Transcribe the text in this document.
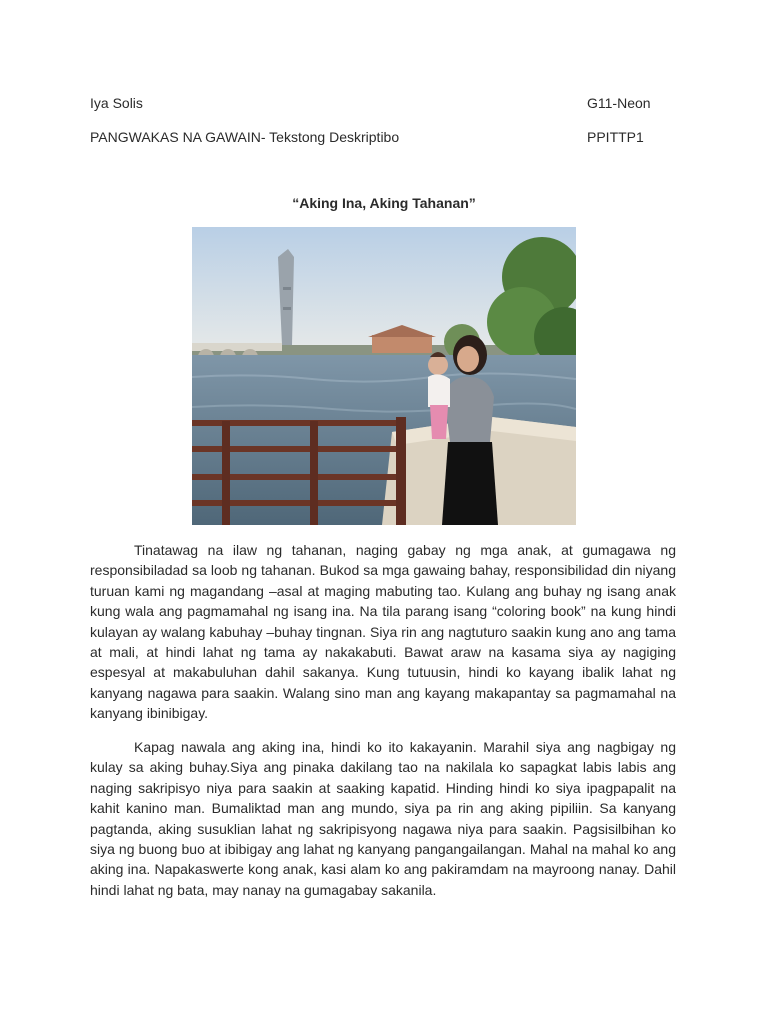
Iya Solis	G11-Neon
PANGWAKAS NA GAWAIN- Tekstong Deskriptibo	PPITTP1
“Aking Ina, Aking Tahanan”

Tinatawag na ilaw ng tahanan, naging gabay ng mga anak, at gumagawa ng responsibiladad sa loob ng tahanan. Bukod sa mga gawaing bahay, responsibilidad din niyang turuan kami ng magandang –asal at maging mabuting tao. Kulang ang buhay ng isang anak kung wala ang pagmamahal ng isang ina. Na tila parang isang “coloring book” na kung hindi kulayan ay walang kabuhay –buhay tingnan. Siya rin ang nagtuturo saakin kung ano ang tama at mali, at hindi lahat ng tama ay nakakabuti. Bawat araw na kasama siya ay nagiging espesyal at makabuluhan dahil sakanya. Kung tutuusin, hindi ko kayang ibalik lahat ng kanyang nagawa para saakin. Walang sino man ang kayang makapantay sa pagmamahal na kanyang ibinibigay.

Kapag nawala ang aking ina, hindi ko ito kakayanin. Marahil siya ang nagbigay ng kulay sa aking buhay.Siya ang pinaka dakilang tao na nakilala ko sapagkat labis labis ang naging sakripisyo niya para saakin at saaking kapatid. Hinding hindi ko siya ipagpapalit na kahit kanino man. Bumaliktad man ang mundo, siya pa rin ang aking pipiliin. Sa kanyang pagtanda, aking susuklian lahat ng sakripisyong nagawa niya para saakin. Pagsisilbihan ko siya ng buong buo at ibibigay ang lahat ng kanyang pangangailangan. Mahal na mahal ko ang aking ina. Napakaswerte kong anak, kasi alam ko ang pakiramdam na mayroong nanay. Dahil hindi lahat ng bata, may nanay na gumagabay sakanila.
